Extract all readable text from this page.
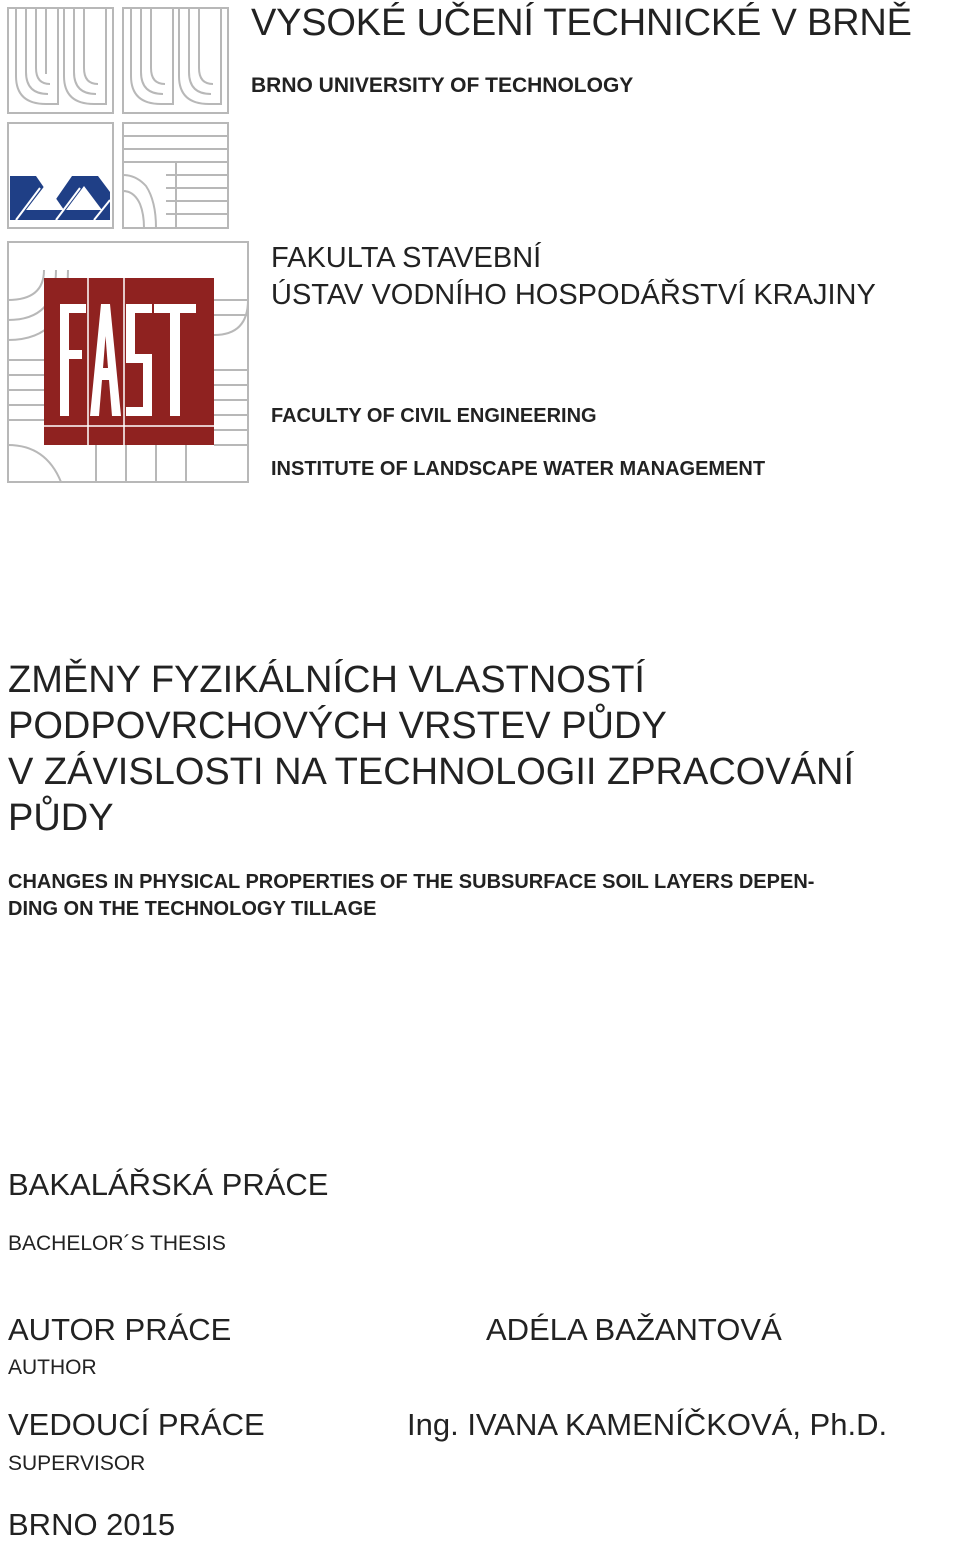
VYSOKÉ UČENÍ TECHNICKÉ V BRNĚ
BRNO UNIVERSITY OF TECHNOLOGY
FAKULTA STAVEBNÍ
ÚSTAV VODNÍHO HOSPODÁŘSTVÍ KRAJINY
FACULTY OF CIVIL ENGINEERING
INSTITUTE OF LANDSCAPE WATER MANAGEMENT
ZMĚNY FYZIKÁLNÍCH VLASTNOSTÍ
PODPOVRCHOVÝCH VRSTEV PŮDY
V ZÁVISLOSTI NA TECHNOLOGII ZPRACOVÁNÍ
PŮDY
CHANGES IN PHYSICAL PROPERTIES OF THE SUBSURFACE SOIL LAYERS DEPEN-
DING ON THE TECHNOLOGY TILLAGE
BAKALÁŘSKÁ PRÁCE
BACHELOR´S THESIS
AUTOR PRÁCE
AUTHOR
ADÉLA BAŽANTOVÁ
VEDOUCÍ PRÁCE
SUPERVISOR
Ing. IVANA KAMENÍČKOVÁ, Ph.D.
BRNO 2015
